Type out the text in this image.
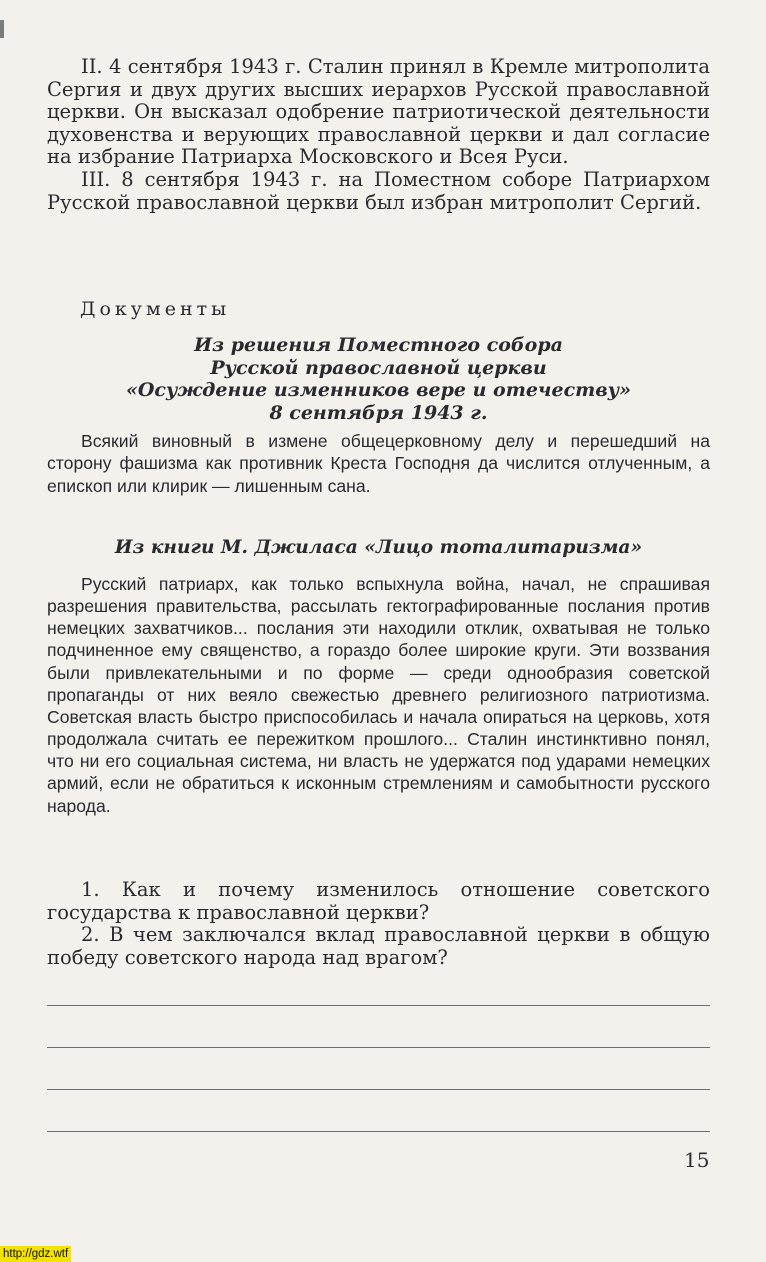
II. 4 сентября 1943 г. Сталин принял в Кремле митрополита Сергия и двух других высших иерархов Русской православной церкви. Он высказал одобрение патриотической деятельности духовенства и верующих православной церкви и дал согласие на избрание Патриарха Московского и Всея Руси.

III. 8 сентября 1943 г. на Поместном соборе Патриархом Русской православной церкви был избран митрополит Сергий.

Документы
Из решения Поместного собора
Русской православной церкви
«Осуждение изменников вере и отечеству»
8 сентября 1943 г.

Всякий виновный в измене общецерковному делу и перешедший на сторону фашизма как противник Креста Господня да числится отлученным, а епископ или клирик — лишенным сана.

Из книги М. Джиласа «Лицо тоталитаризма»

Русский патриарх, как только вспыхнула война, начал, не спрашивая разрешения правительства, рассылать гектографированные послания против немецких захватчиков... послания эти находили отклик, охватывая не только подчиненное ему священство, а гораздо более широкие круги. Эти воззвания были привлекательными и по форме — среди однообразия советской пропаганды от них веяло свежестью древнего религиозного патриотизма. Советская власть быстро приспособилась и начала опираться на церковь, хотя продолжала считать ее пережитком прошлого... Сталин инстинктивно понял, что ни его социальная система, ни власть не удержатся под ударами немецких армий, если не обратиться к исконным стремлениям и самобытности русского народа.

1. Как и почему изменилось отношение советского государства к православной церкви?

2. В чем заключался вклад православной церкви в общую победу советского народа над врагом?

15
http://gdz.wtf
